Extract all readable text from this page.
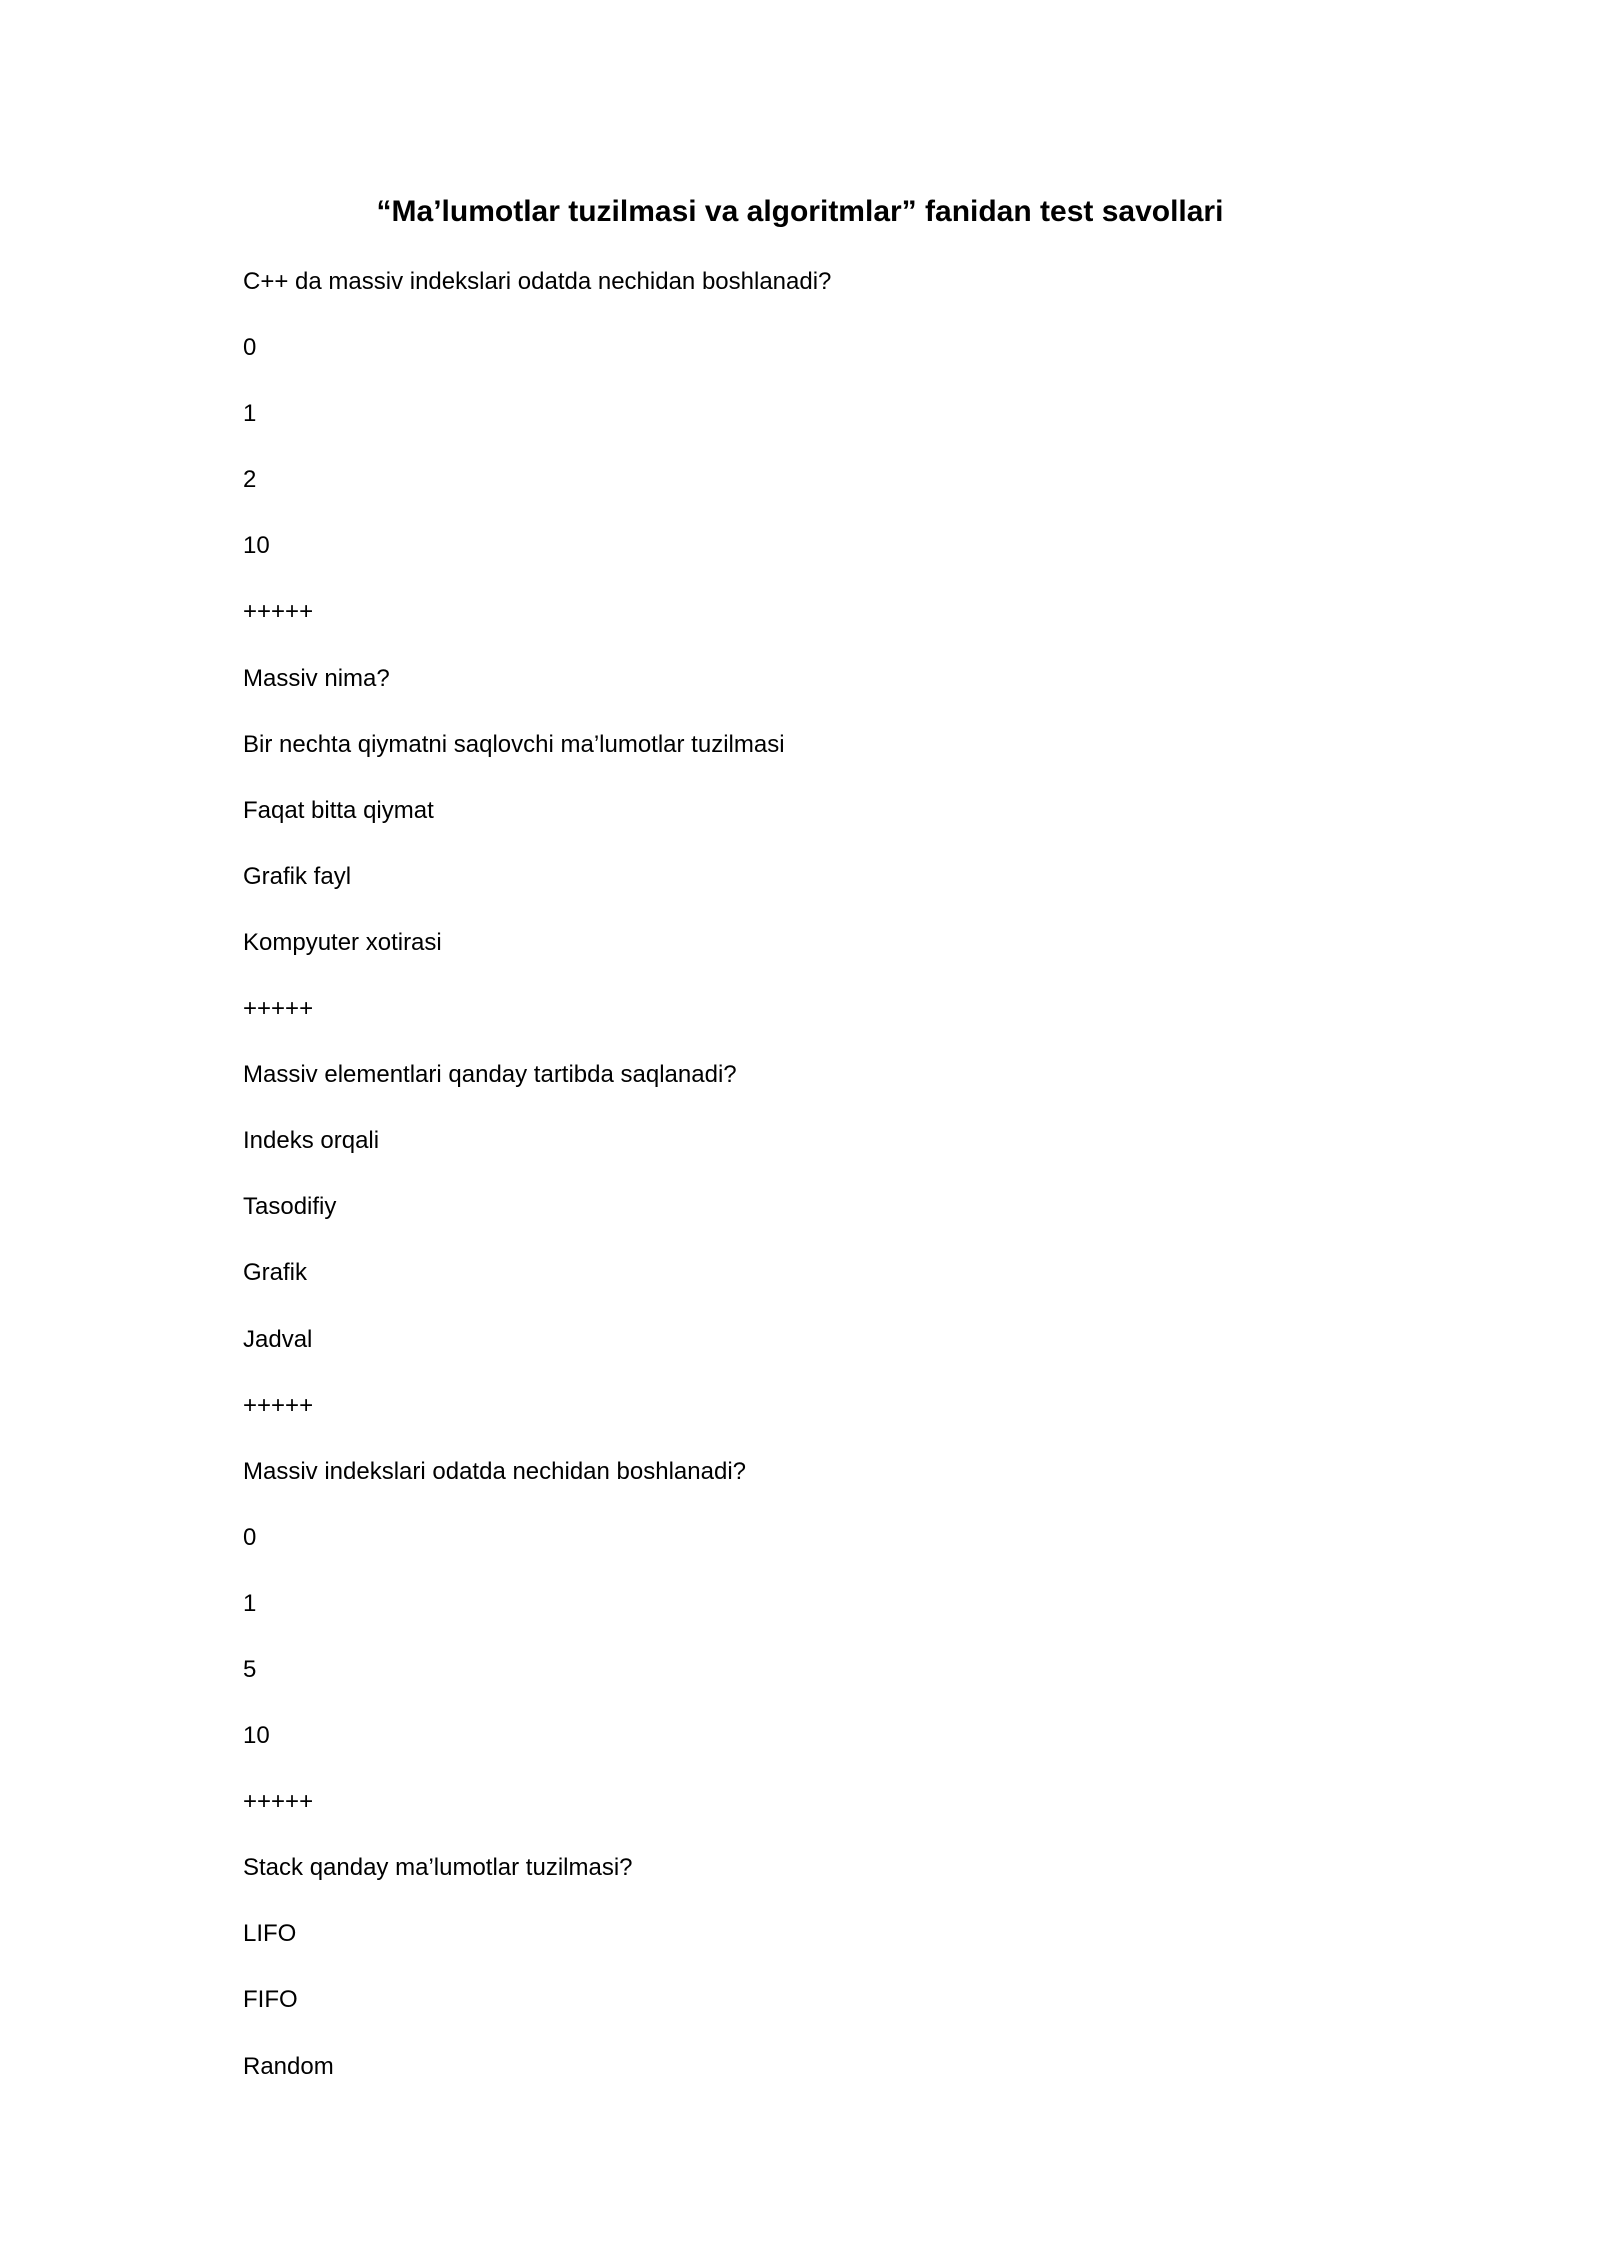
“Ma’lumotlar tuzilmasi va algoritmlar” fanidan test savollari
C++ da massiv indekslari odatda nechidan boshlanadi?
0
1
2
10
+++++
Massiv nima?
Bir nechta qiymatni saqlovchi ma’lumotlar tuzilmasi
Faqat bitta qiymat
Grafik fayl
Kompyuter xotirasi
+++++
Massiv elementlari qanday tartibda saqlanadi?
Indeks orqali
Tasodifiy
Grafik
Jadval
+++++
Massiv indekslari odatda nechidan boshlanadi?
0
1
5
10
+++++
Stack qanday ma’lumotlar tuzilmasi?
LIFO
FIFO
Random
